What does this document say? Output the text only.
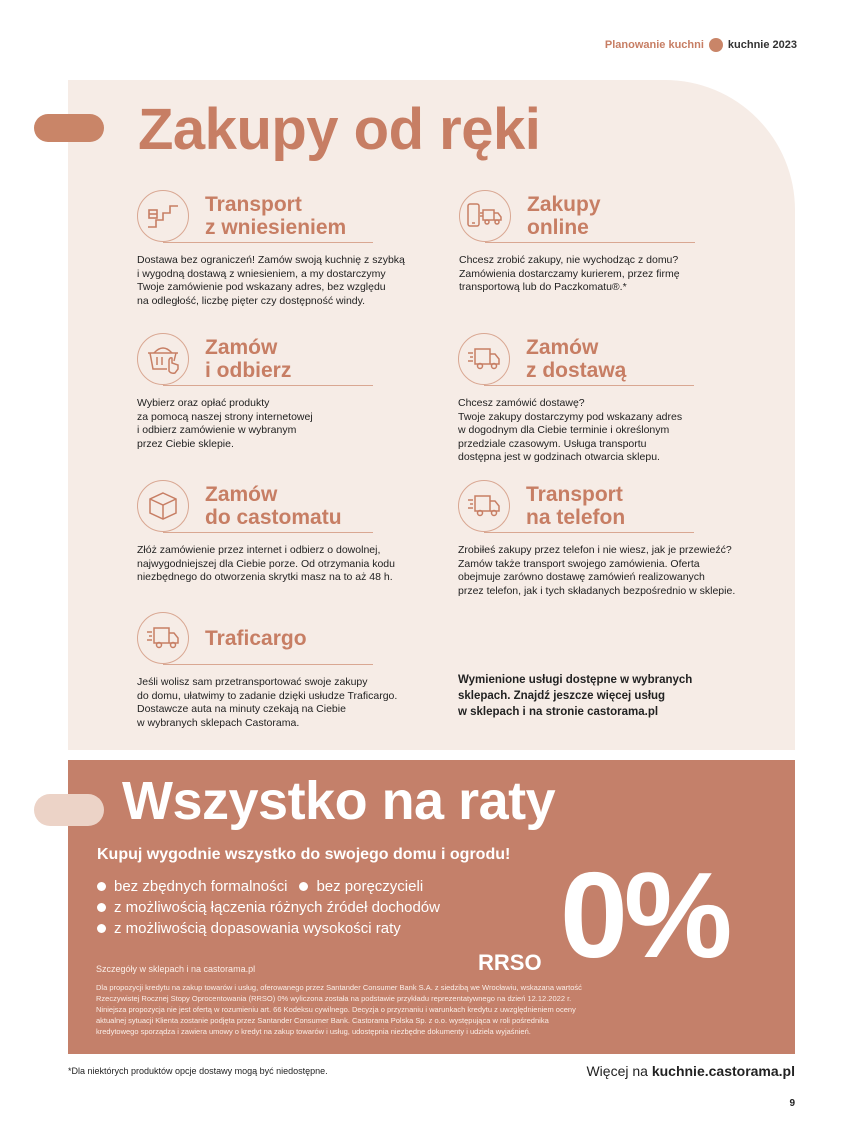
Planowanie kuchni kuchnie 2023
Zakupy od ręki
Transport
z wniesieniem
Dostawa bez ograniczeń! Zamów swoją kuchnię z szybką
i wygodną dostawą z wniesieniem, a my dostarczymy
Twoje zamówienie pod wskazany adres, bez względu
na odległość, liczbę pięter czy dostępność windy.
Zakupy
online
Chcesz zrobić zakupy, nie wychodząc z domu?
Zamówienia dostarczamy kurierem, przez firmę
transportową lub do Paczkomatu®.*
Zamów
i odbierz
Wybierz oraz opłać produkty
za pomocą naszej strony internetowej
i odbierz zamówienie w wybranym
przez Ciebie sklepie.
Zamów
z dostawą
Chcesz zamówić dostawę?
Twoje zakupy dostarczymy pod wskazany adres
w dogodnym dla Ciebie terminie i określonym
przedziale czasowym. Usługa transportu
dostępna jest w godzinach otwarcia sklepu.
Zamów
do castomatu
Złóż zamówienie przez internet i odbierz o dowolnej,
najwygodniejszej dla Ciebie porze. Od otrzymania kodu
niezbędnego do otworzenia skrytki masz na to aż 48 h.
Transport
na telefon
Zrobiłeś zakupy przez telefon i nie wiesz, jak je przewieźć?
Zamów także transport swojego zamówienia. Oferta
obejmuje zarówno dostawę zamówień realizowanych
przez telefon, jak i tych składanych bezpośrednio w sklepie.
Traficargo
Jeśli wolisz sam przetransportować swoje zakupy
do domu, ułatwimy to zadanie dzięki usłudze Traficargo.
Dostawcze auta na minuty czekają na Ciebie
w wybranych sklepach Castorama.
Wymienione usługi dostępne w wybranych
sklepach. Znajdź jeszcze więcej usług
w sklepach i na stronie castorama.pl
Wszystko na raty
Kupuj wygodnie wszystko do swojego domu i ogrodu!
bez zbędnych formalności bez poręczycieli
z możliwością łączenia różnych źródeł dochodów
z możliwością dopasowania wysokości raty
RRSO 0%
Szczegóły w sklepach i na castorama.pl
Dla propozycji kredytu na zakup towarów i usług, oferowanego przez Santander Consumer Bank S.A. z siedzibą we Wrocławiu, wskazana wartość
Rzeczywistej Rocznej Stopy Oprocentowania (RRSO) 0% wyliczona została na podstawie przykładu reprezentatywnego na dzień 12.12.2022 r.
Niniejsza propozycja nie jest ofertą w rozumieniu art. 66 Kodeksu cywilnego. Decyzja o przyznaniu i warunkach kredytu z uwzględnieniem oceny
aktualnej sytuacji Klienta zostanie podjęta przez Santander Consumer Bank. Castorama Polska Sp. z o.o. występująca w roli pośrednika
kredytowego sporządza i zawiera umowy o kredyt na zakup towarów i usług, udostępnia niezbędne dokumenty i udziela wyjaśnień.
*Dla niektórych produktów opcje dostawy mogą być niedostępne.	Więcej na kuchnie.castorama.pl
9
